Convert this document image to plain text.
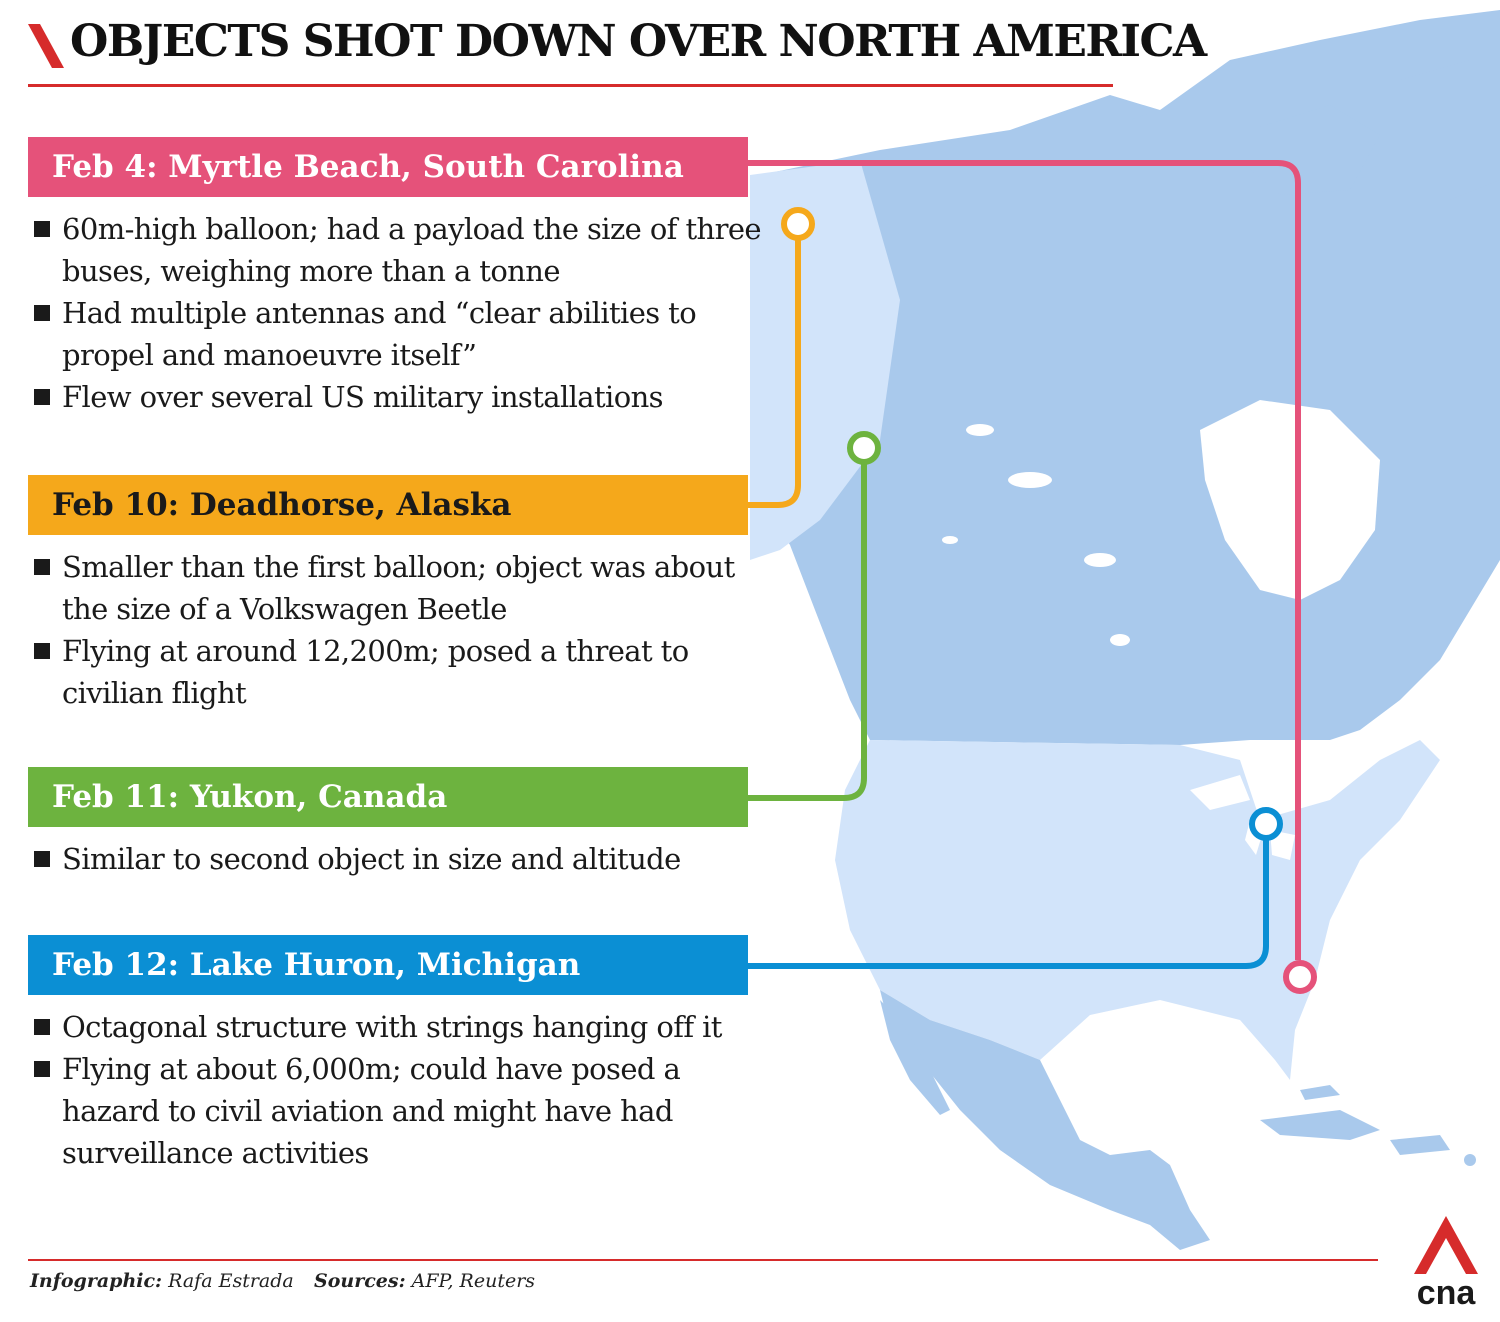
OBJECTS SHOT DOWN OVER NORTH AMERICA
Feb 4: Myrtle Beach, South Carolina
60m-high balloon; had a payload the size of three buses, weighing more than a tonne
Had multiple antennas and “clear abilities to propel and manoeuvre itself”
Flew over several US military installations
Feb 10: Deadhorse, Alaska
Smaller than the first balloon; object was about the size of a Volkswagen Beetle
Flying at around 12,200m; posed a threat to civilian flight
Feb 11: Yukon, Canada
Similar to second object in size and altitude
Feb 12: Lake Huron, Michigan
Octagonal structure with strings hanging off it
Flying at about 6,000m; could have posed a hazard to civil aviation and might have had surveillance activities
Infographic: Rafa Estrada Sources: AFP, Reuters	cna
